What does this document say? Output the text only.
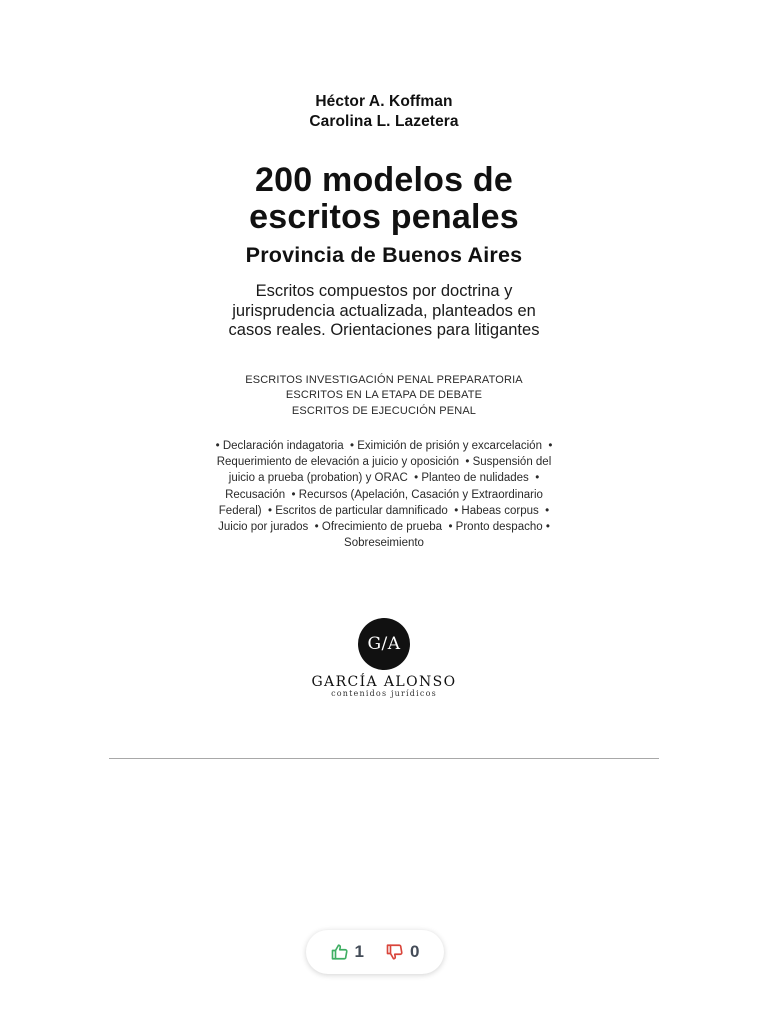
Héctor A. Koffman
Carolina L. Lazetera
200 modelos de
escritos penales
Provincia de Buenos Aires
Escritos compuestos por doctrina y jurisprudencia actualizada, planteados en casos reales. Orientaciones para litigantes
ESCRITOS INVESTIGACIÓN PENAL PREPARATORIA
ESCRITOS EN LA ETAPA DE DEBATE
ESCRITOS DE EJECUCIÓN PENAL
• Declaración indagatoria • Eximición de prisión y excarcelación • Requerimiento de elevación a juicio y oposición • Suspensión del juicio a prueba (probation) y ORAC • Planteo de nulidades • Recusación • Recursos (Apelación, Casación y Extraordinario Federal) • Escritos de particular damnificado • Habeas corpus • Juicio por jurados • Ofrecimiento de prueba • Pronto despacho • Sobreseimiento
G/A
GARCÍA ALONSO
contenidos jurídicos
1	0
